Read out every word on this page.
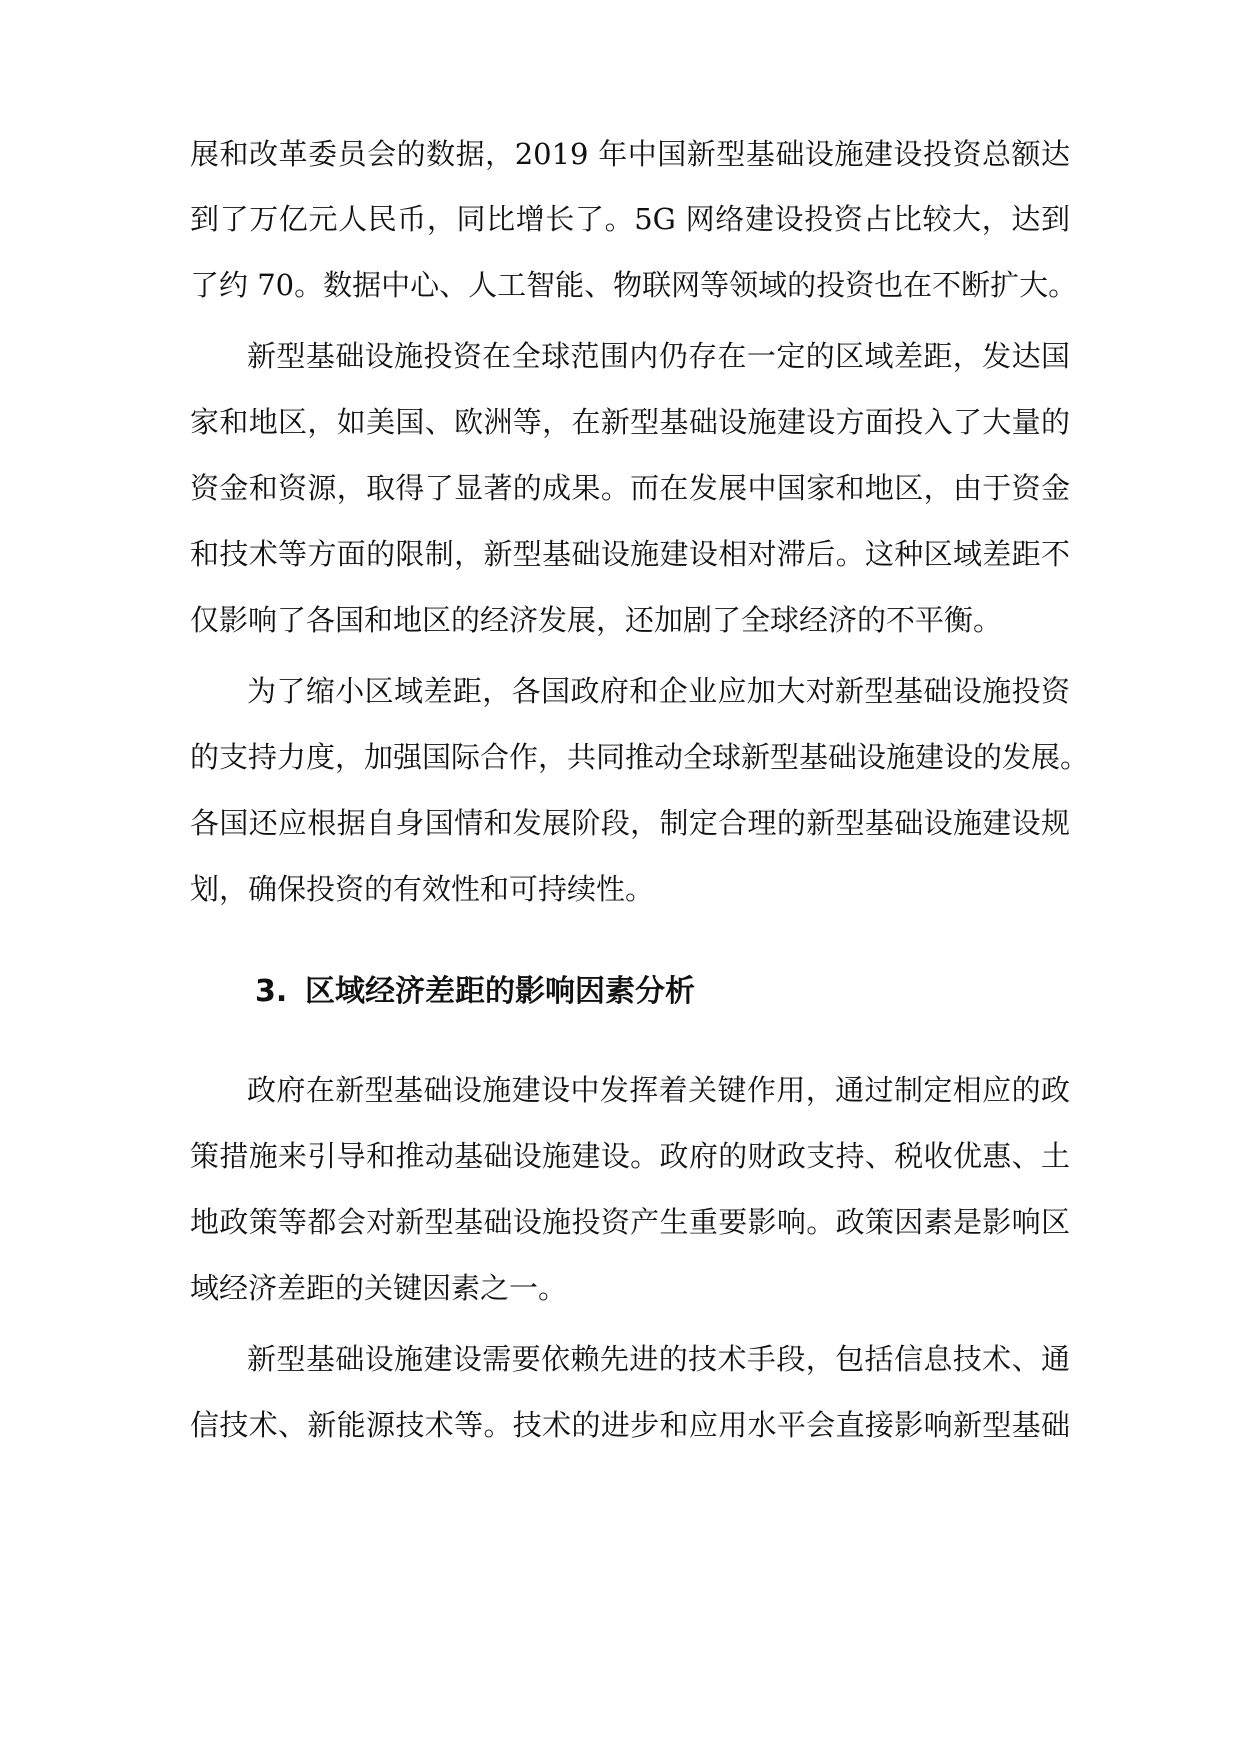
展和改革委员会的数据，2019 年中国新型基础设施建设投资总额达
到了万亿元人民币，同比增长了。5G 网络建设投资占比较大，达到
了约 70。数据中心、人工智能、物联网等领域的投资也在不断扩大。
新型基础设施投资在全球范围内仍存在一定的区域差距，发达国
家和地区，如美国、欧洲等，在新型基础设施建设方面投入了大量的
资金和资源，取得了显著的成果。而在发展中国家和地区，由于资金
和技术等方面的限制，新型基础设施建设相对滞后。这种区域差距不
仅影响了各国和地区的经济发展，还加剧了全球经济的不平衡。
为了缩小区域差距，各国政府和企业应加大对新型基础设施投资
的支持力度，加强国际合作，共同推动全球新型基础设施建设的发展。
各国还应根据自身国情和发展阶段，制定合理的新型基础设施建设规
划，确保投资的有效性和可持续性。
3. 区域经济差距的影响因素分析
政府在新型基础设施建设中发挥着关键作用，通过制定相应的政
策措施来引导和推动基础设施建设。政府的财政支持、税收优惠、土
地政策等都会对新型基础设施投资产生重要影响。政策因素是影响区
域经济差距的关键因素之一。
新型基础设施建设需要依赖先进的技术手段，包括信息技术、通
信技术、新能源技术等。技术的进步和应用水平会直接影响新型基础
